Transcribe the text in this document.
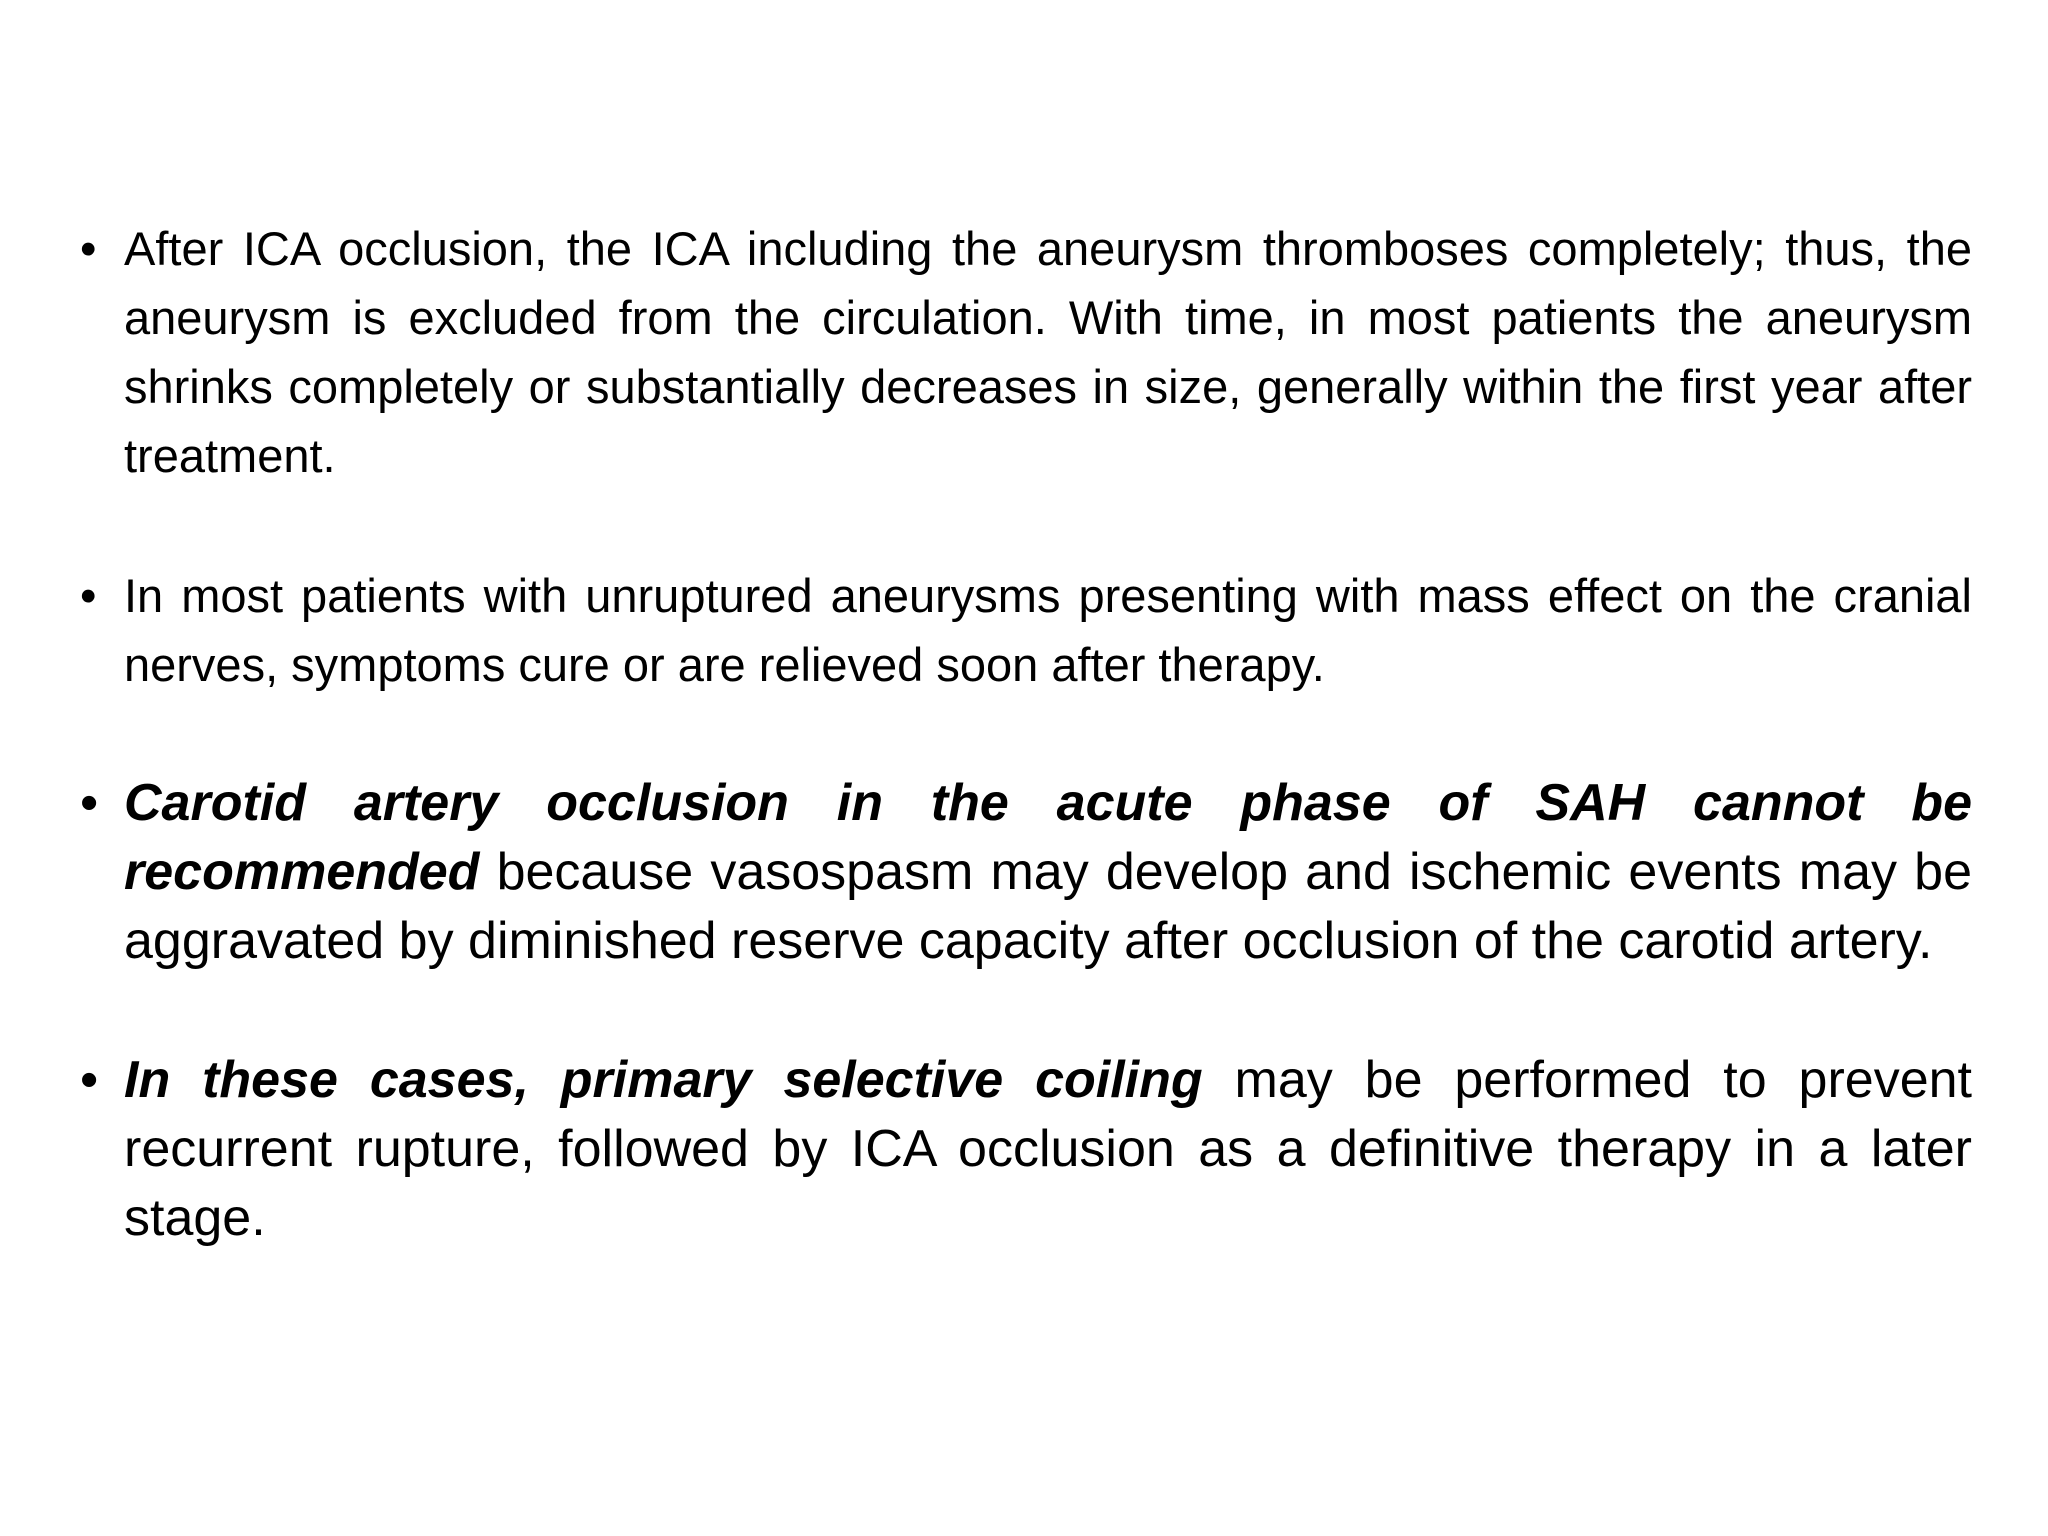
• After ICA occlusion, the ICA including the aneurysm thromboses completely; thus, the aneurysm is excluded from the circulation. With time, in most patients the aneurysm shrinks completely or substantially decreases in size, generally within the first year after treatment.
• In most patients with unruptured aneurysms presenting with mass effect on the cranial nerves, symptoms cure or are relieved soon after therapy.
• Carotid artery occlusion in the acute phase of SAH cannot be recommended because vasospasm may develop and ischemic events may be aggravated by diminished reserve capacity after occlusion of the carotid artery.
• In these cases, primary selective coiling may be performed to prevent recurrent rupture, followed by ICA occlusion as a definitive therapy in a later stage.
